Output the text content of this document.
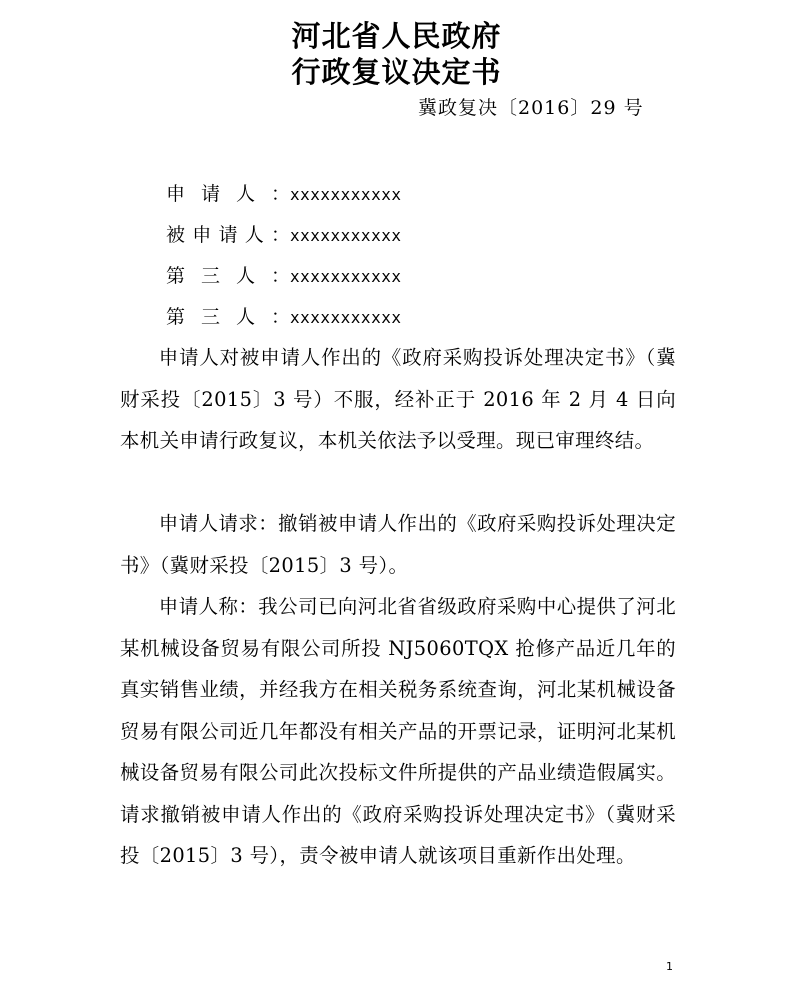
河北省人民政府
行政复议决定书
冀政复决〔2016〕29 号
申请人：xxxxxxxxxxx
被申请人：xxxxxxxxxxx
第三人：xxxxxxxxxxx
第三人：xxxxxxxxxxx

申请人对被申请人作出的《政府采购投诉处理决定书》（冀财采投〔2015〕3 号）不服，经补正于 2016 年 2 月 4 日向本机关申请行政复议，本机关依法予以受理。现已审理终结。

申请人请求：撤销被申请人作出的《政府采购投诉处理决定书》（冀财采投〔2015〕3 号）。

申请人称：我公司已向河北省省级政府采购中心提供了河北某机械设备贸易有限公司所投 NJ5060TQX 抢修产品近几年的真实销售业绩，并经我方在相关税务系统查询，河北某机械设备贸易有限公司近几年都没有相关产品的开票记录，证明河北某机械设备贸易有限公司此次投标文件所提供的产品业绩造假属实。请求撤销被申请人作出的《政府采购投诉处理决定书》（冀财采投〔2015〕3 号），责令被申请人就该项目重新作出处理。

1
